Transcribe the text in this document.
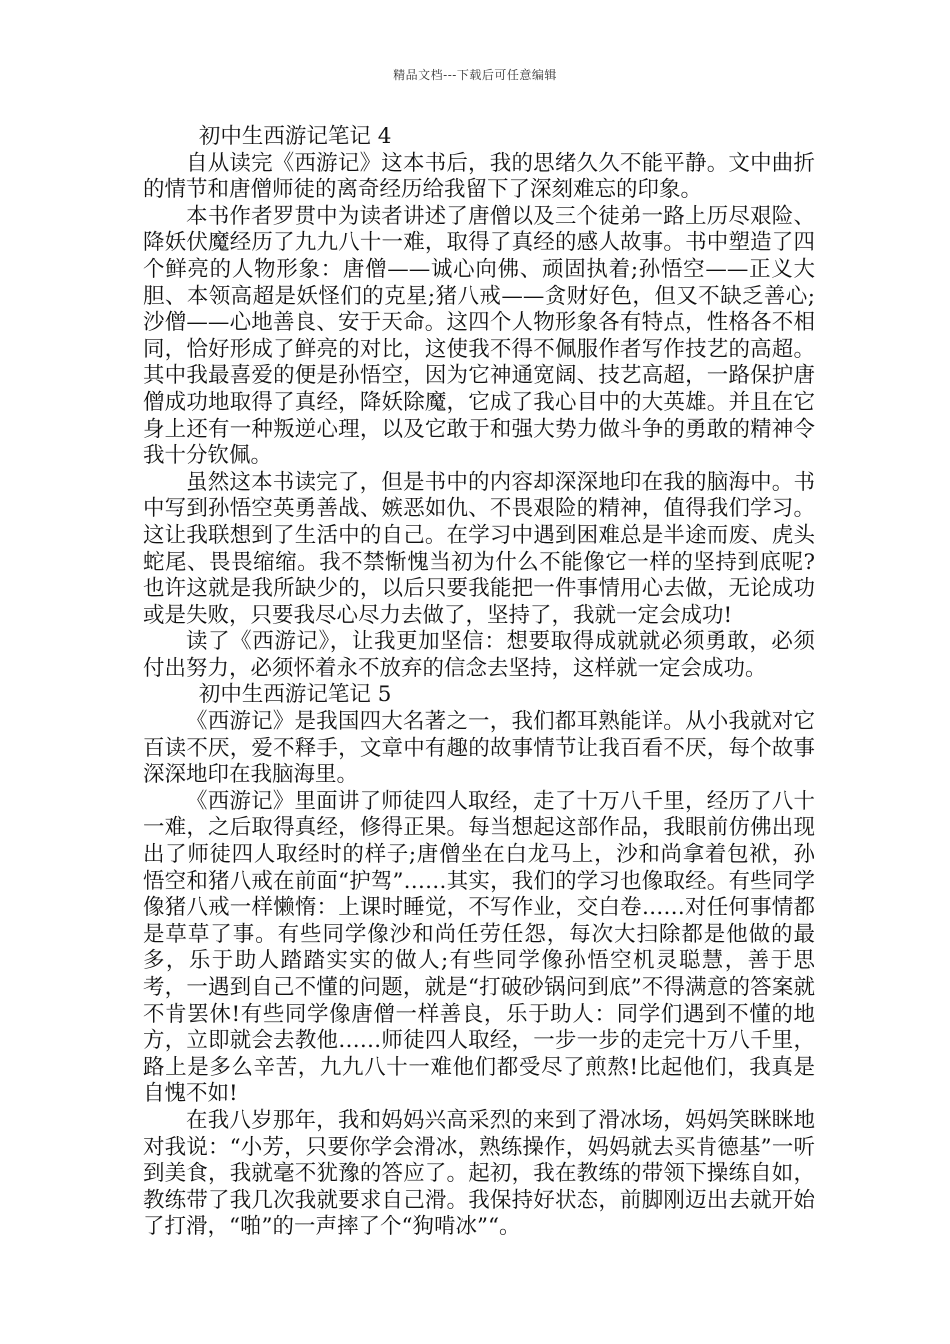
精品文档---下载后可任意编辑
初中生西游记笔记 4

自从读完《西游记》这本书后，我的思绪久久不能平静。文中曲折的情节和唐僧师徒的离奇经历给我留下了深刻难忘的印象。

本书作者罗贯中为读者讲述了唐僧以及三个徒弟一路上历尽艰险、降妖伏魔经历了九九八十一难，取得了真经的感人故事。书中塑造了四个鲜亮的人物形象：唐僧——诚心向佛、顽固执着;孙悟空——正义大胆、本领高超是妖怪们的克星;猪八戒——贪财好色，但又不缺乏善心;沙僧——心地善良、安于天命。这四个人物形象各有特点，性格各不相同，恰好形成了鲜亮的对比，这使我不得不佩服作者写作技艺的高超。其中我最喜爱的便是孙悟空，因为它神通宽阔、技艺高超，一路保护唐僧成功地取得了真经，降妖除魔，它成了我心目中的大英雄。并且在它身上还有一种叛逆心理，以及它敢于和强大势力做斗争的勇敢的精神令我十分钦佩。

虽然这本书读完了，但是书中的内容却深深地印在我的脑海中。书中写到孙悟空英勇善战、嫉恶如仇、不畏艰险的精神，值得我们学习。这让我联想到了生活中的自己。在学习中遇到困难总是半途而废、虎头蛇尾、畏畏缩缩。我不禁惭愧当初为什么不能像它一样的坚持到底呢?也许这就是我所缺少的，以后只要我能把一件事情用心去做，无论成功或是失败，只要我尽心尽力去做了，坚持了，我就一定会成功!

读了《西游记》，让我更加坚信：想要取得成就就必须勇敢，必须付出努力，必须怀着永不放弃的信念去坚持，这样就一定会成功。

初中生西游记笔记 5

《西游记》是我国四大名著之一，我们都耳熟能详。从小我就对它百读不厌，爱不释手，文章中有趣的故事情节让我百看不厌，每个故事深深地印在我脑海里。

《西游记》里面讲了师徒四人取经，走了十万八千里，经历了八十一难，之后取得真经，修得正果。每当想起这部作品，我眼前仿佛出现出了师徒四人取经时的样子;唐僧坐在白龙马上，沙和尚拿着包袱，孙悟空和猪八戒在前面“护驾”……其实，我们的学习也像取经。有些同学像猪八戒一样懒惰：上课时睡觉，不写作业，交白卷……对任何事情都是草草了事。有些同学像沙和尚任劳任怨，每次大扫除都是他做的最多，乐于助人踏踏实实的做人;有些同学像孙悟空机灵聪慧，善于思考，一遇到自己不懂的问题，就是“打破砂锅问到底”不得满意的答案就不肯罢休!有些同学像唐僧一样善良，乐于助人：同学们遇到不懂的地方，立即就会去教他……师徒四人取经，一步一步的走完十万八千里，路上是多么辛苦，九九八十一难他们都受尽了煎熬!比起他们，我真是自愧不如!

在我八岁那年，我和妈妈兴高采烈的来到了滑冰场，妈妈笑眯眯地对我说：“小芳，只要你学会滑冰，熟练操作，妈妈就去买肯德基”一听到美食，我就毫不犹豫的答应了。起初，我在教练的带领下操练自如，教练带了我几次我就要求自己滑。我保持好状态，前脚刚迈出去就开始了打滑，“啪”的一声摔了个“狗啃冰”“。
